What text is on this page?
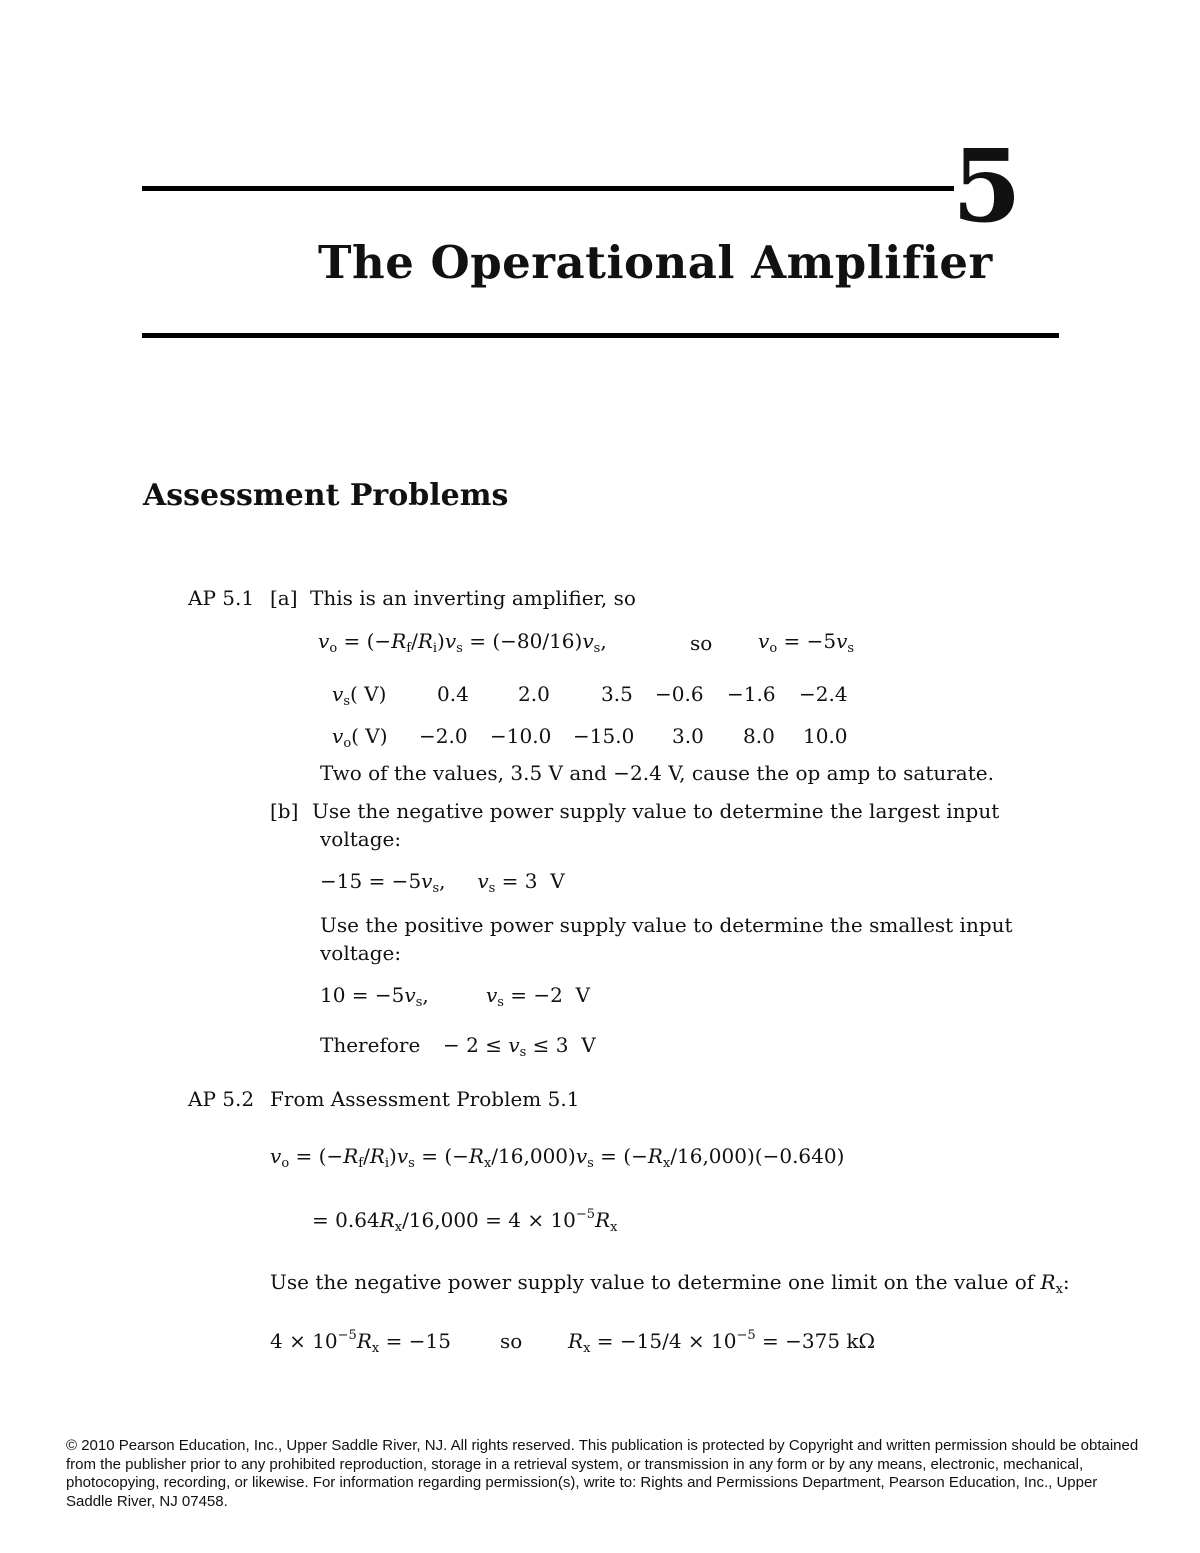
5
The Operational Amplifier
Assessment Problems
AP 5.1 [a] This is an inverting amplifier, so
$v_o = (-R_f/R_i)v_s = (-80/16)v_s$,	so $v_o = -5v_s$
$v_s$( V)	0.4 2.0	3.5 −0.6 −1.6 −2.4
$v_o$( V) −2.0 −10.0 −15.0 3.0 8.0 10.0
Two of the values, 3.5 V and −2.4 V, cause the op amp to saturate.
[b] Use the negative power supply value to determine the largest input
voltage:
$-15 = -5v_s$,     $v_s = 3$  V
Use the positive power supply value to determine the smallest input
voltage:
$10 = -5v_s$,         $v_s = -2$  V
Therefore − $2 \le v_s \le 3$  V
AP 5.2 From Assessment Problem 5.1
$v_o = (-R_f/R_i)v_s = (-R_x/16,000)v_s = (-R_x/16,000)(-0.640)$
= $0.64R_x/16,000 = 4 \times 10^{-5}R_x$
Use the negative power supply value to determine one limit on the value of $R_x$:
$4 \times 10^{-5}R_x = -15$ so $R_x = -15/4 \times 10^{-5} = -375$ kΩ
© 2010 Pearson Education, Inc., Upper Saddle River, NJ. All rights reserved. This publication is protected by Copyright and written permission should be obtained from the publisher prior to any prohibited reproduction, storage in a retrieval system, or transmission in any form or by any means, electronic, mechanical, photocopying, recording, or likewise. For information regarding permission(s), write to: Rights and Permissions Department, Pearson Education, Inc., Upper Saddle River, NJ 07458.
